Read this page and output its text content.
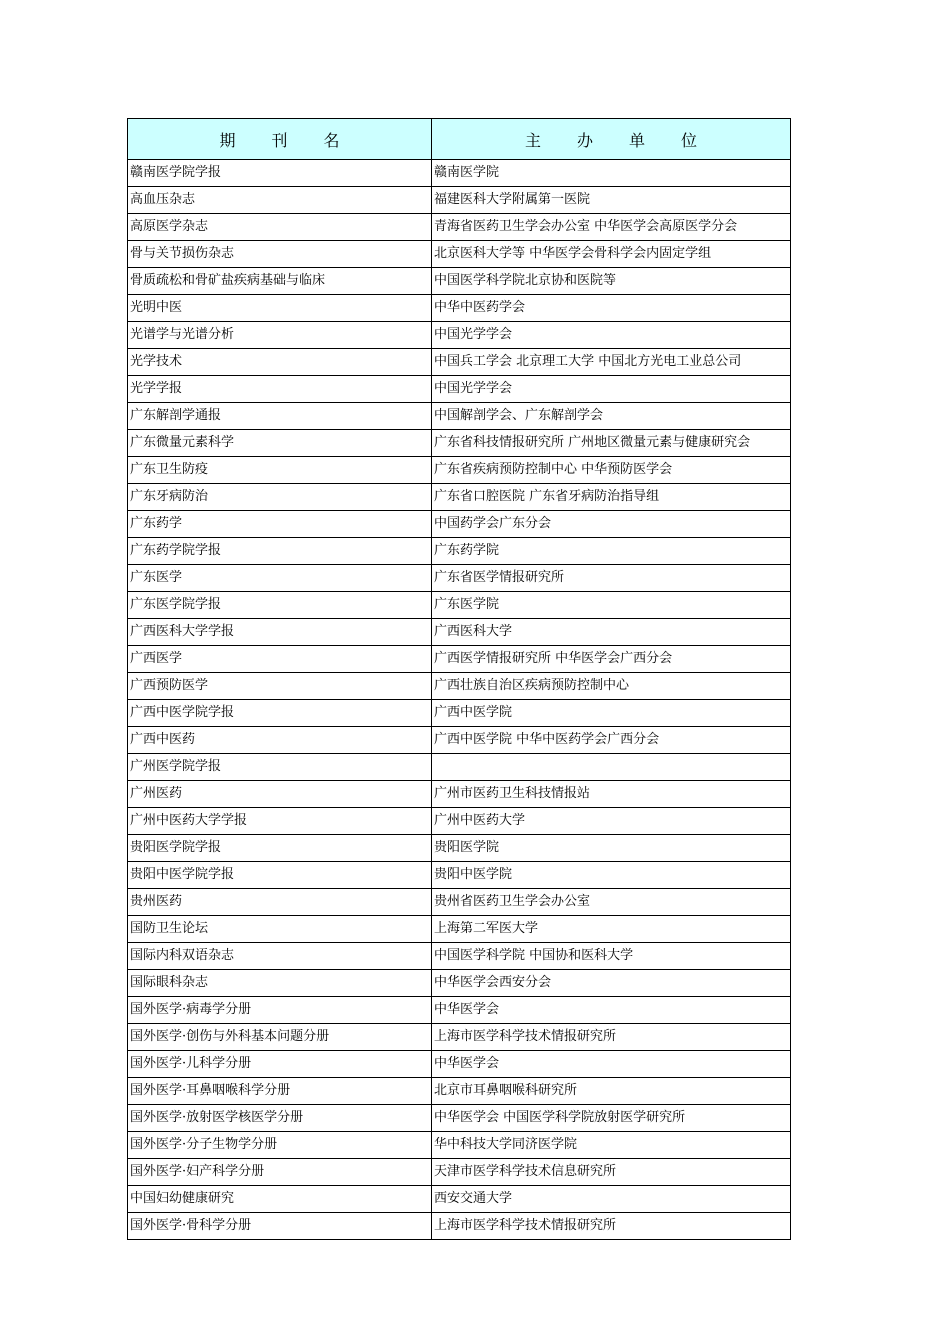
期刊名	主办单位
赣南医学院学报	赣南医学院
高血压杂志	福建医科大学附属第一医院
高原医学杂志	青海省医药卫生学会办公室 中华医学会高原医学分会
骨与关节损伤杂志	北京医科大学等 中华医学会骨科学会内固定学组
骨质疏松和骨矿盐疾病基础与临床	中国医学科学院北京协和医院等
光明中医	中华中医药学会
光谱学与光谱分析	中国光学学会
光学技术	中国兵工学会 北京理工大学 中国北方光电工业总公司
光学学报	中国光学学会
广东解剖学通报	中国解剖学会、广东解剖学会
广东微量元素科学	广东省科技情报研究所 广州地区微量元素与健康研究会
广东卫生防疫	广东省疾病预防控制中心 中华预防医学会
广东牙病防治	广东省口腔医院 广东省牙病防治指导组
广东药学	中国药学会广东分会
广东药学院学报	广东药学院
广东医学	广东省医学情报研究所
广东医学院学报	广东医学院
广西医科大学学报	广西医科大学
广西医学	广西医学情报研究所 中华医学会广西分会
广西预防医学	广西壮族自治区疾病预防控制中心
广西中医学院学报	广西中医学院
广西中医药	广西中医学院 中华中医药学会广西分会
广州医学院学报	
广州医药	广州市医药卫生科技情报站
广州中医药大学学报	广州中医药大学
贵阳医学院学报	贵阳医学院
贵阳中医学院学报	贵阳中医学院
贵州医药	贵州省医药卫生学会办公室
国防卫生论坛	上海第二军医大学
国际内科双语杂志	中国医学科学院 中国协和医科大学
国际眼科杂志	中华医学会西安分会
国外医学·病毒学分册	中华医学会
国外医学·创伤与外科基本问题分册	上海市医学科学技术情报研究所
国外医学·儿科学分册	中华医学会
国外医学·耳鼻咽喉科学分册	北京市耳鼻咽喉科研究所
国外医学·放射医学核医学分册	中华医学会 中国医学科学院放射医学研究所
国外医学·分子生物学分册	华中科技大学同济医学院
国外医学·妇产科学分册	天津市医学科学技术信息研究所
中国妇幼健康研究	西安交通大学
国外医学·骨科学分册	上海市医学科学技术情报研究所
